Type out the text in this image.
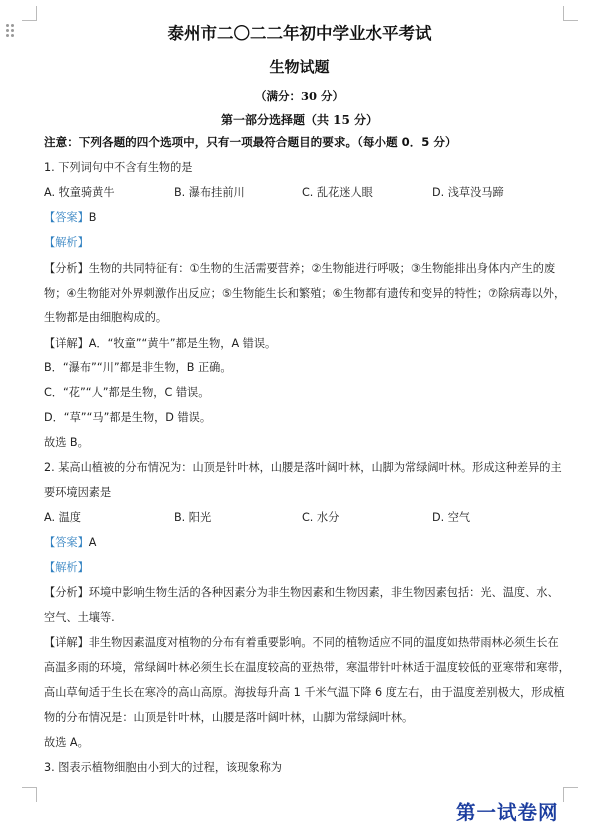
泰州市二〇二二年初中学业水平考试
生物试题
（满分：30 分）
第一部分选择题（共 15 分）
注意：下列各题的四个选项中，只有一项最符合题目的要求。（每小题 0．5 分）
1. 下列词句中不含有生物的是
A. 牧童骑黄牛	B. 瀑布挂前川	C. 乱花迷人眼	D. 浅草没马蹄
【答案】B
【解析】
【分析】生物的共同特征有：①生物的生活需要营养；②生物能进行呼吸；③生物能排出身体内产生的废
物；④生物能对外界刺激作出反应；⑤生物能生长和繁殖；⑥生物都有遗传和变异的特性；⑦除病毒以外，
生物都是由细胞构成的。
【详解】A．“牧童”“黄牛”都是生物，A 错误。
B．“瀑布”“川”都是非生物，B 正确。
C．“花”“人”都是生物，C 错误。
D．“草”“马”都是生物，D 错误。
故选 B。
2. 某高山植被的分布情况为：山顶是针叶林，山腰是落叶阔叶林，山脚为常绿阔叶林。形成这种差异的主
要环境因素是
A. 温度	B. 阳光	C. 水分	D. 空气
【答案】A
【解析】
【分析】环境中影响生物生活的各种因素分为非生物因素和生物因素，非生物因素包括：光、温度、水、
空气、土壤等.
【详解】非生物因素温度对植物的分布有着重要影响。不同的植物适应不同的温度如热带雨林必须生长在
高温多雨的环境，常绿阔叶林必须生长在温度较高的亚热带，寒温带针叶林适于温度较低的亚寒带和寒带，
高山草甸适于生长在寒冷的高山高原。海拔每升高 1 千米气温下降 6 度左右，由于温度差别极大，形成植
物的分布情况是：山顶是针叶林，山腰是落叶阔叶林，山脚为常绿阔叶林。
故选 A。
3. 图表示植物细胞由小到大的过程，该现象称为
第一试卷网
